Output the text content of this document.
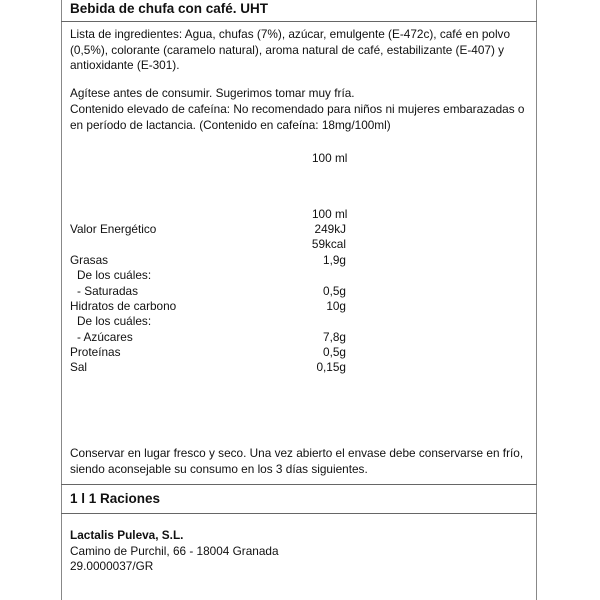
Bebida de chufa con café. UHT
Lista de ingredientes: Agua, chufas (7%), azúcar, emulgente (E-472c), café en polvo (0,5%), colorante (caramelo natural), aroma natural de café, estabilizante (E-407) y antioxidante (E-301).
Agítese antes de consumir. Sugerimos tomar muy fría.
Contenido elevado de cafeína: No recomendado para niños ni mujeres embarazadas o en período de lactancia. (Contenido en cafeína: 18mg/100ml)
100 ml
100 ml
Valor Energético	249kJ
59kcal
Grasas	1,9g
De los cuáles:
- Saturadas	0,5g
Hidratos de carbono	10g
De los cuáles:
- Azúcares	7,8g
Proteínas	0,5g
Sal	0,15g
Conservar en lugar fresco y seco. Una vez abierto el envase debe conservarse en frío, siendo aconsejable su consumo en los 3 días siguientes.
1 l 1 Raciones
Lactalis Puleva, S.L.
Camino de Purchil, 66 - 18004 Granada
29.0000037/GR
